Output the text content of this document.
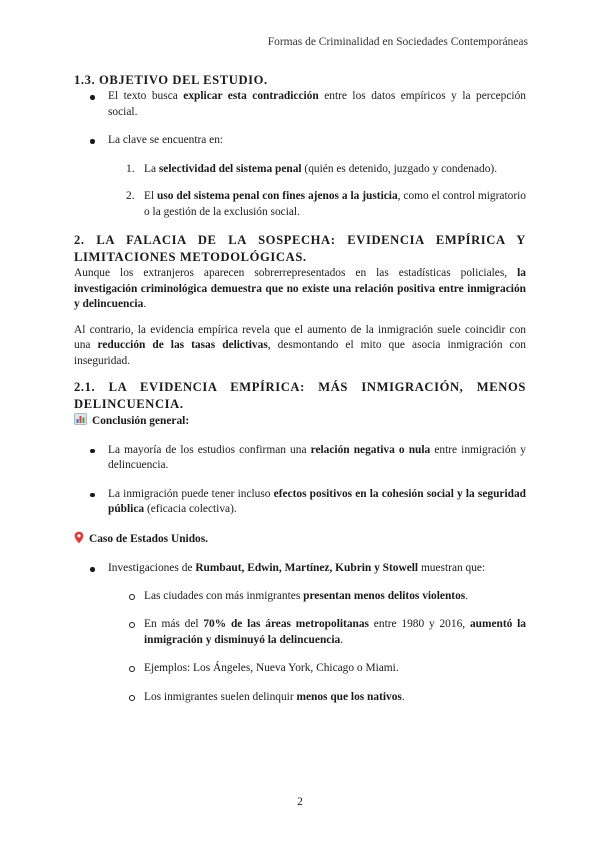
Formas de Criminalidad en Sociedades Contemporáneas
1.3. OBJETIVO DEL ESTUDIO.
El texto busca explicar esta contradicción entre los datos empíricos y la percepción social.
La clave se encuentra en:
1. La selectividad del sistema penal (quién es detenido, juzgado y condenado).
2. El uso del sistema penal con fines ajenos a la justicia, como el control migratorio o la gestión de la exclusión social.
2. LA FALACIA DE LA SOSPECHA: EVIDENCIA EMPÍRICA Y LIMITACIONES METODOLÓGICAS.

Aunque los extranjeros aparecen sobrerrepresentados en las estadísticas policiales, la investigación criminológica demuestra que no existe una relación positiva entre inmigración y delincuencia.

Al contrario, la evidencia empírica revela que el aumento de la inmigración suele coincidir con una reducción de las tasas delictivas, desmontando el mito que asocia inmigración con inseguridad.

2.1. LA EVIDENCIA EMPÍRICA: MÁS INMIGRACIÓN, MENOS DELINCUENCIA.
Conclusión general:
La mayoría de los estudios confirman una relación negativa o nula entre inmigración y delincuencia.
La inmigración puede tener incluso efectos positivos en la cohesión social y la seguridad pública (eficacia colectiva).
Caso de Estados Unidos.
Investigaciones de Rumbaut, Edwin, Martínez, Kubrin y Stowell muestran que:
Las ciudades con más inmigrantes presentan menos delitos violentos.
En más del 70% de las áreas metropolitanas entre 1980 y 2016, aumentó la inmigración y disminuyó la delincuencia.
Ejemplos: Los Ángeles, Nueva York, Chicago o Miami.
Los inmigrantes suelen delinquir menos que los nativos.
2
